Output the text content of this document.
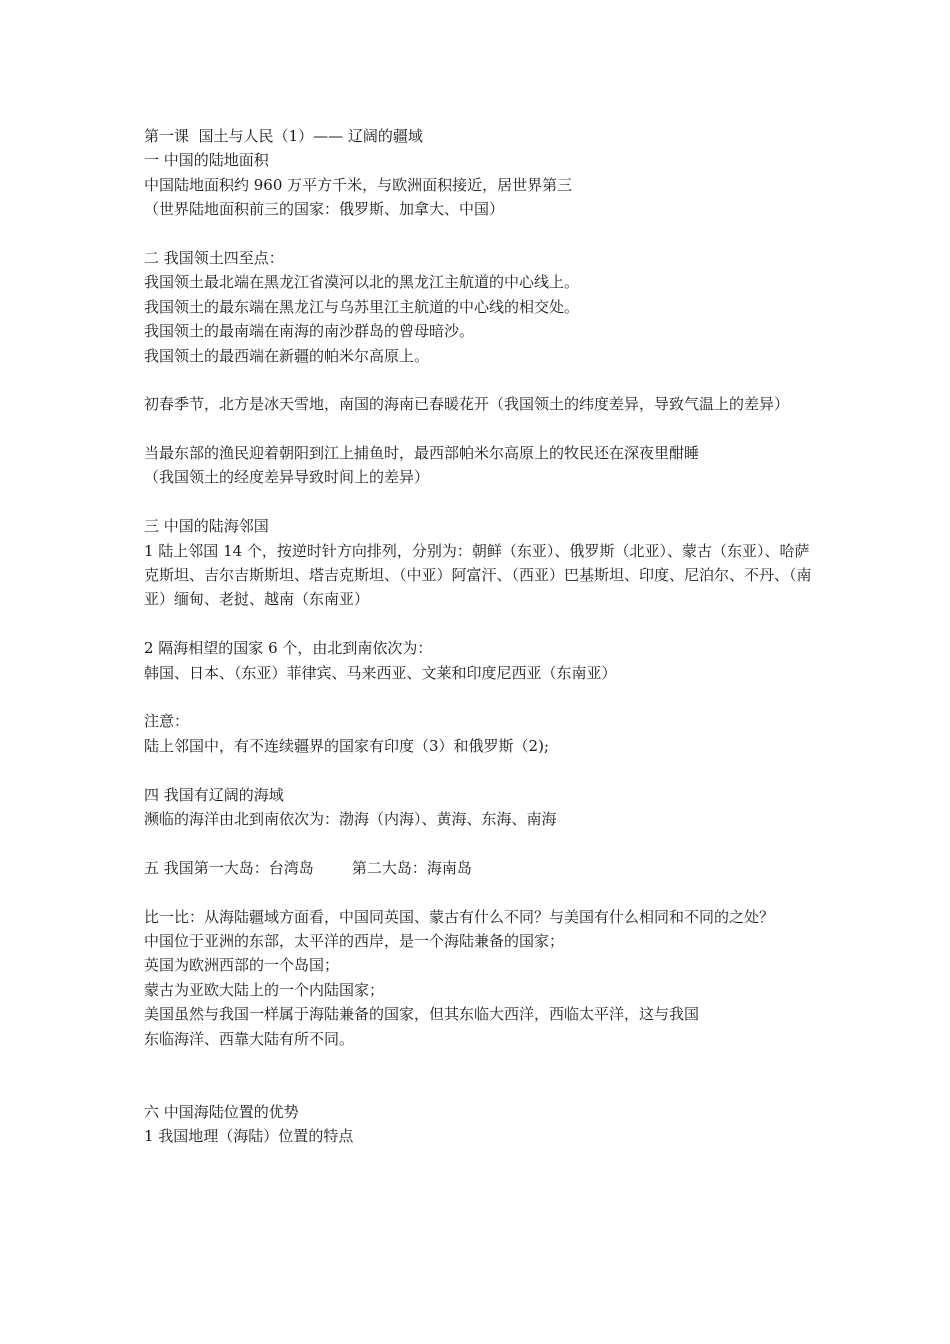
第一课  国土与人民（1）—— 辽阔的疆域
一 中国的陆地面积
中国陆地面积约 960 万平方千米，与欧洲面积接近，居世界第三
（世界陆地面积前三的国家：俄罗斯、加拿大、中国）
二 我国领土四至点：
我国领土最北端在黑龙江省漠河以北的黑龙江主航道的中心线上。
我国领土的最东端在黑龙江与乌苏里江主航道的中心线的相交处。
我国领土的最南端在南海的南沙群岛的曾母暗沙。
我国领土的最西端在新疆的帕米尔高原上。
初春季节，北方是冰天雪地，南国的海南已春暖花开（我国领土的纬度差异，导致气温上的差异）
当最东部的渔民迎着朝阳到江上捕鱼时，最西部帕米尔高原上的牧民还在深夜里酣睡
（我国领土的经度差异导致时间上的差异）
三 中国的陆海邻国
1 陆上邻国 14 个，按逆时针方向排列，分别为：朝鲜（东亚）、俄罗斯（北亚）、蒙古（东亚）、哈萨克斯坦、吉尔吉斯斯坦、塔吉克斯坦、（中亚）阿富汗、（西亚）巴基斯坦、印度、尼泊尔、不丹、（南亚）缅甸、老挝、越南（东南亚）
2 隔海相望的国家 6 个，由北到南依次为：
韩国、日本、（东亚）菲律宾、马来西亚、文莱和印度尼西亚（东南亚）
注意：
陆上邻国中，有不连续疆界的国家有印度（3）和俄罗斯（2);
四 我国有辽阔的海域
濒临的海洋由北到南依次为：渤海（内海）、黄海、东海、南海
五 我国第一大岛：台湾岛        第二大岛：海南岛
比一比：从海陆疆域方面看，中国同英国、蒙古有什么不同？与美国有什么相同和不同的之处？
中国位于亚洲的东部，太平洋的西岸，是一个海陆兼备的国家；
英国为欧洲西部的一个岛国；
蒙古为亚欧大陆上的一个内陆国家；
美国虽然与我国一样属于海陆兼备的国家，但其东临大西洋，西临太平洋，这与我国
东临海洋、西靠大陆有所不同。
六 中国海陆位置的优势
1 我国地理（海陆）位置的特点
